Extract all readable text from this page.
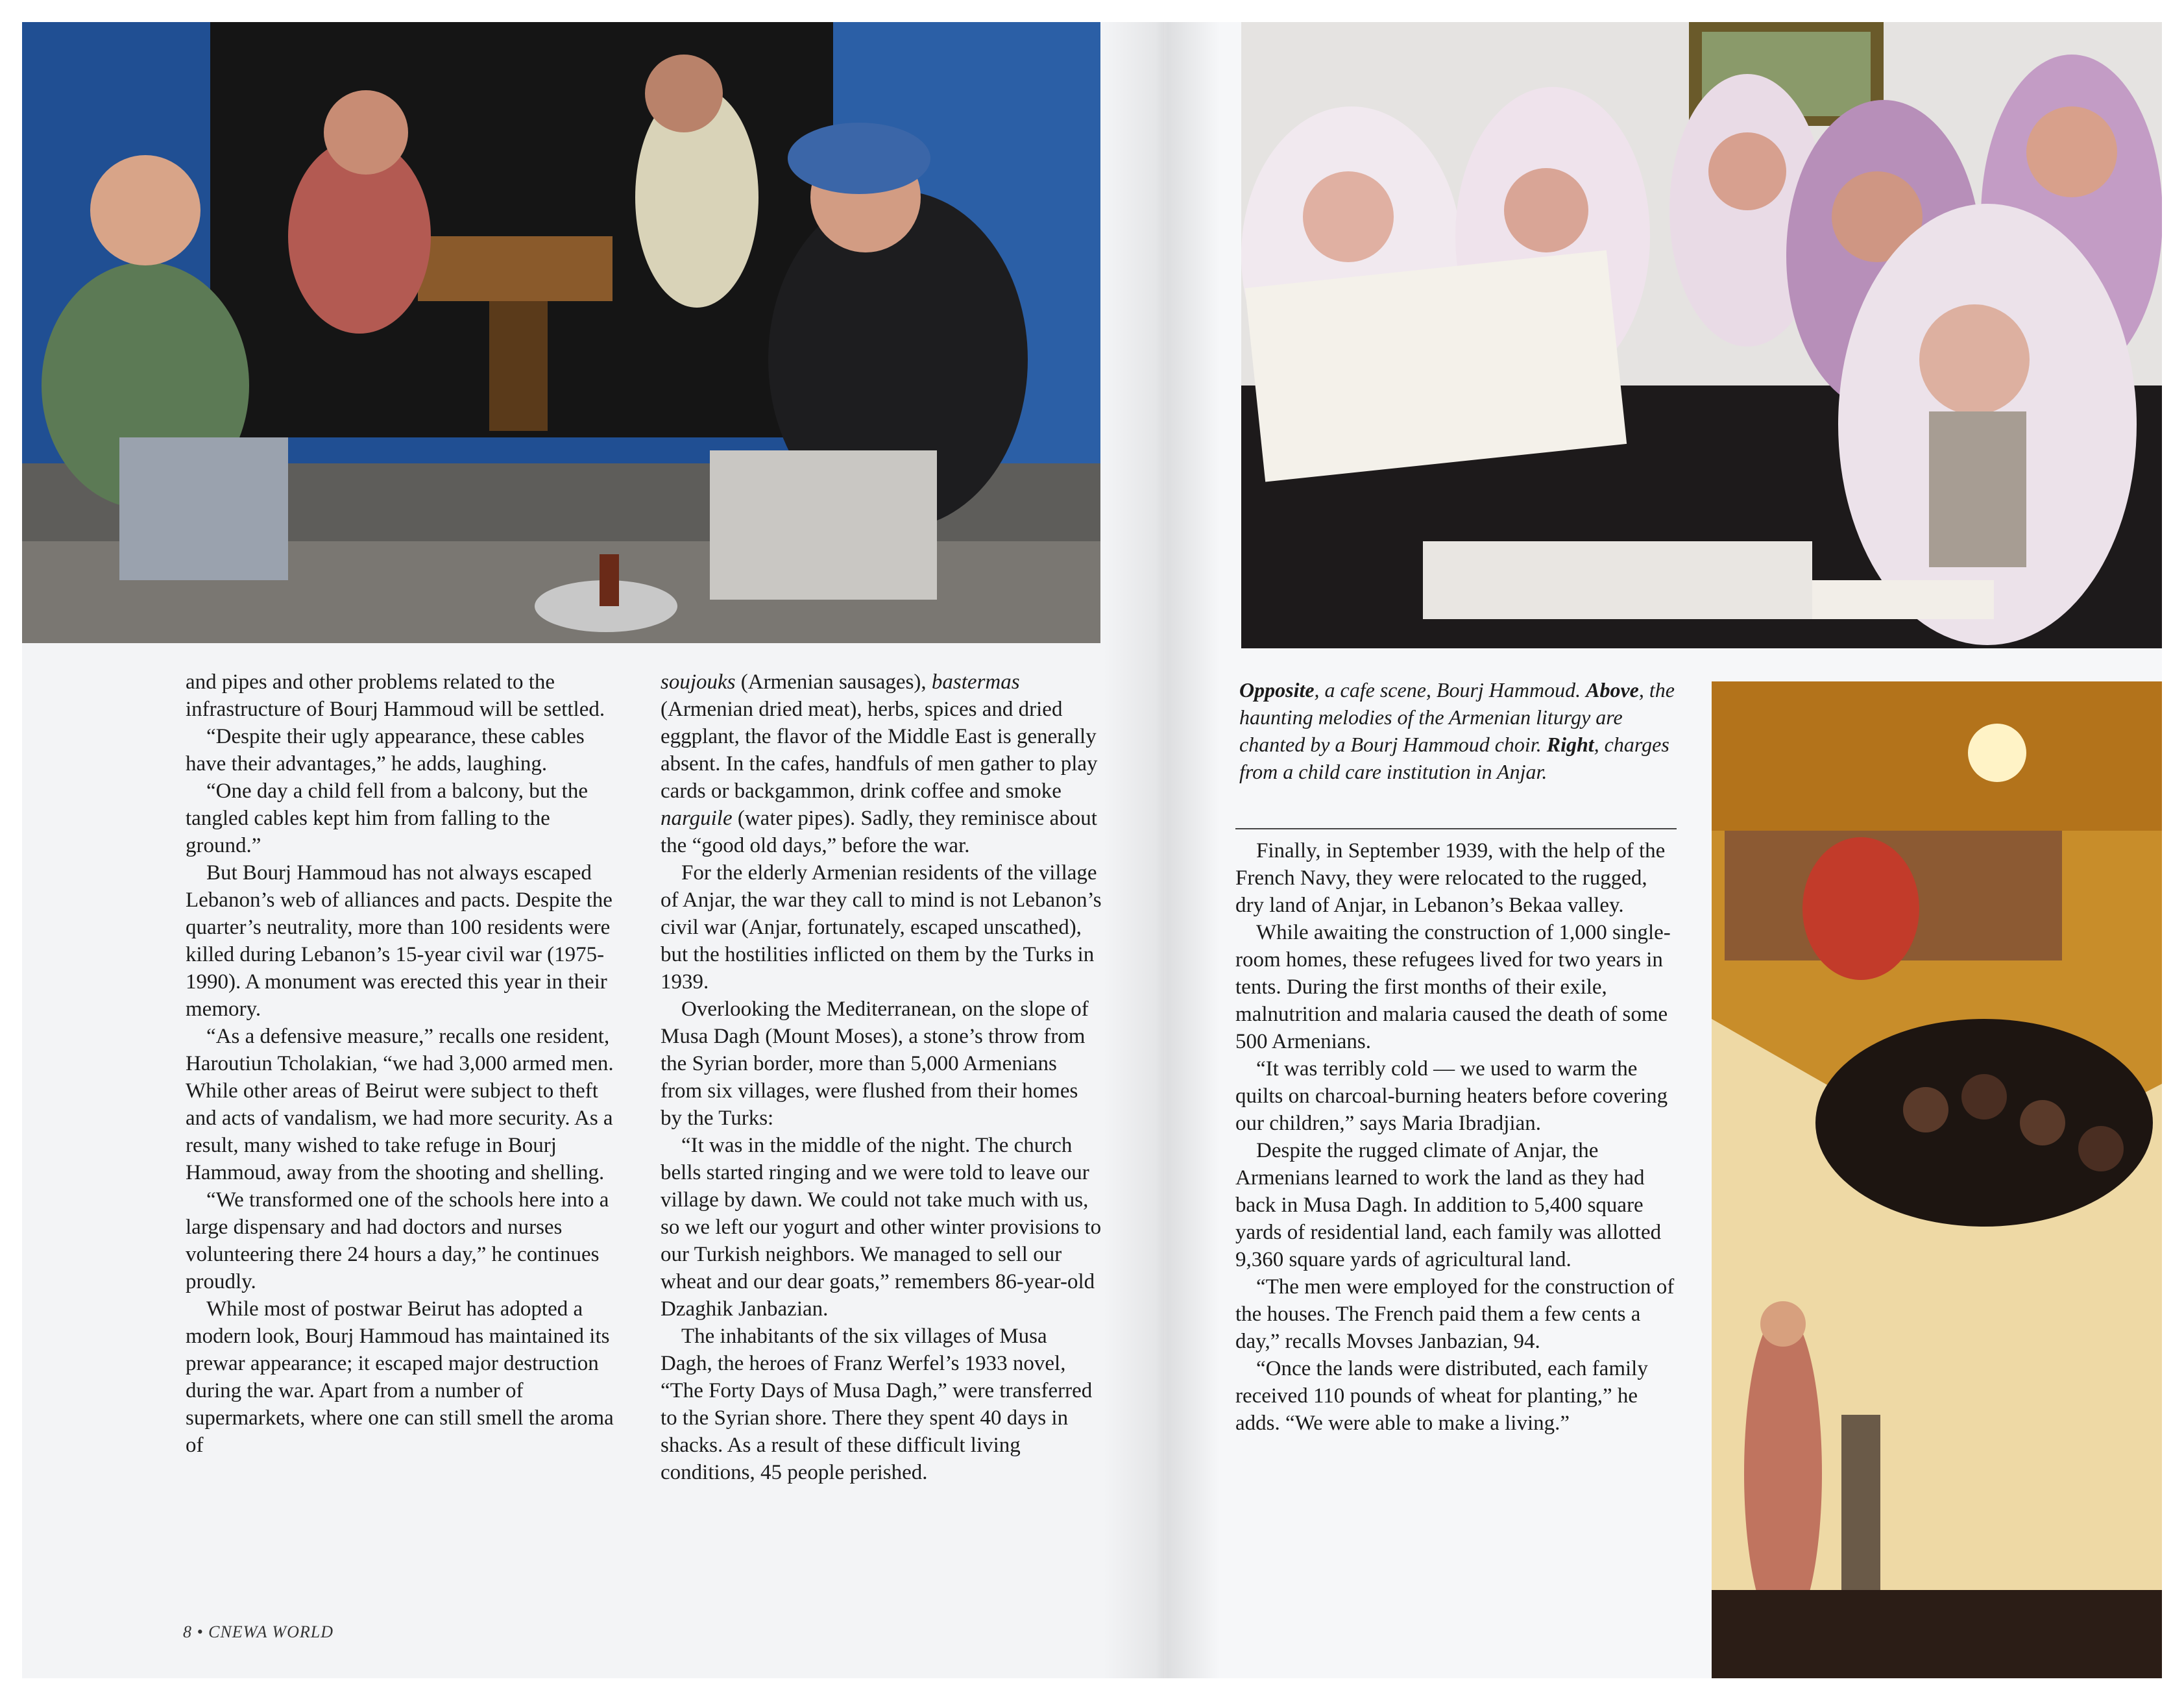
Opposite, a cafe scene, Bourj Hammoud. Above, the haunting melodies of the Armenian liturgy are chanted by a Bourj Hammoud choir. Right, charges from a child care institution in Anjar.

and pipes and other problems related to the infrastructure of Bourj Hammoud will be settled.

“Despite their ugly appearance, these cables have their advantages,” he adds, laughing.

“One day a child fell from a balcony, but the tangled cables kept him from falling to the ground.”

But Bourj Hammoud has not always escaped Lebanon’s web of alliances and pacts. Despite the quarter’s neutrality, more than 100 residents were killed during Lebanon’s 15-year civil war (1975-1990). A monument was erected this year in their memory.

“As a defensive measure,” recalls one resident, Haroutiun Tcholakian, “we had 3,000 armed men. While other areas of Beirut were subject to theft and acts of vandalism, we had more security. As a result, many wished to take refuge in Bourj Hammoud, away from the shooting and shelling.

“We transformed one of the schools here into a large dispensary and had doctors and nurses volunteering there 24 hours a day,” he continues proudly.

While most of postwar Beirut has adopted a modern look, Bourj Hammoud has maintained its prewar appearance; it escaped major destruction during the war. Apart from a number of supermarkets, where one can still smell the aroma of

soujouks (Armenian sausages), bastermas (Armenian dried meat), herbs, spices and dried eggplant, the flavor of the Middle East is generally absent. In the cafes, handfuls of men gather to play cards or backgammon, drink coffee and smoke narguile (water pipes). Sadly, they reminisce about the “good old days,” before the war.

For the elderly Armenian residents of the village of Anjar, the war they call to mind is not Lebanon’s civil war (Anjar, fortunately, escaped unscathed), but the hostilities inflicted on them by the Turks in 1939.

Overlooking the Mediterranean, on the slope of Musa Dagh (Mount Moses), a stone’s throw from the Syrian border, more than 5,000 Armenians from six villages, were flushed from their homes by the Turks:

“It was in the middle of the night. The church bells started ringing and we were told to leave our village by dawn. We could not take much with us, so we left our yogurt and other winter provisions to our Turkish neighbors. We managed to sell our wheat and our dear goats,” remembers 86-year-old Dzaghik Janbazian.

The inhabitants of the six villages of Musa Dagh, the heroes of Franz Werfel’s 1933 novel, “The Forty Days of Musa Dagh,” were transferred to the Syrian shore. There they spent 40 days in shacks. As a result of these difficult living conditions, 45 people perished.

Finally, in September 1939, with the help of the French Navy, they were relocated to the rugged, dry land of Anjar, in Lebanon’s Bekaa valley.

While awaiting the construction of 1,000 single-room homes, these refugees lived for two years in tents. During the first months of their exile, malnutrition and malaria caused the death of some 500 Armenians.

“It was terribly cold — we used to warm the quilts on charcoal-burning heaters before covering our children,” says Maria Ibradjian.

Despite the rugged climate of Anjar, the Armenians learned to work the land as they had back in Musa Dagh. In addition to 5,400 square yards of residential land, each family was allotted 9,360 square yards of agricultural land.

“The men were employed for the construction of the houses. The French paid them a few cents a day,” recalls Movses Janbazian, 94.

“Once the lands were distributed, each family received 110 pounds of wheat for planting,” he adds. “We were able to make a living.”

8 • CNEWA WORLD
